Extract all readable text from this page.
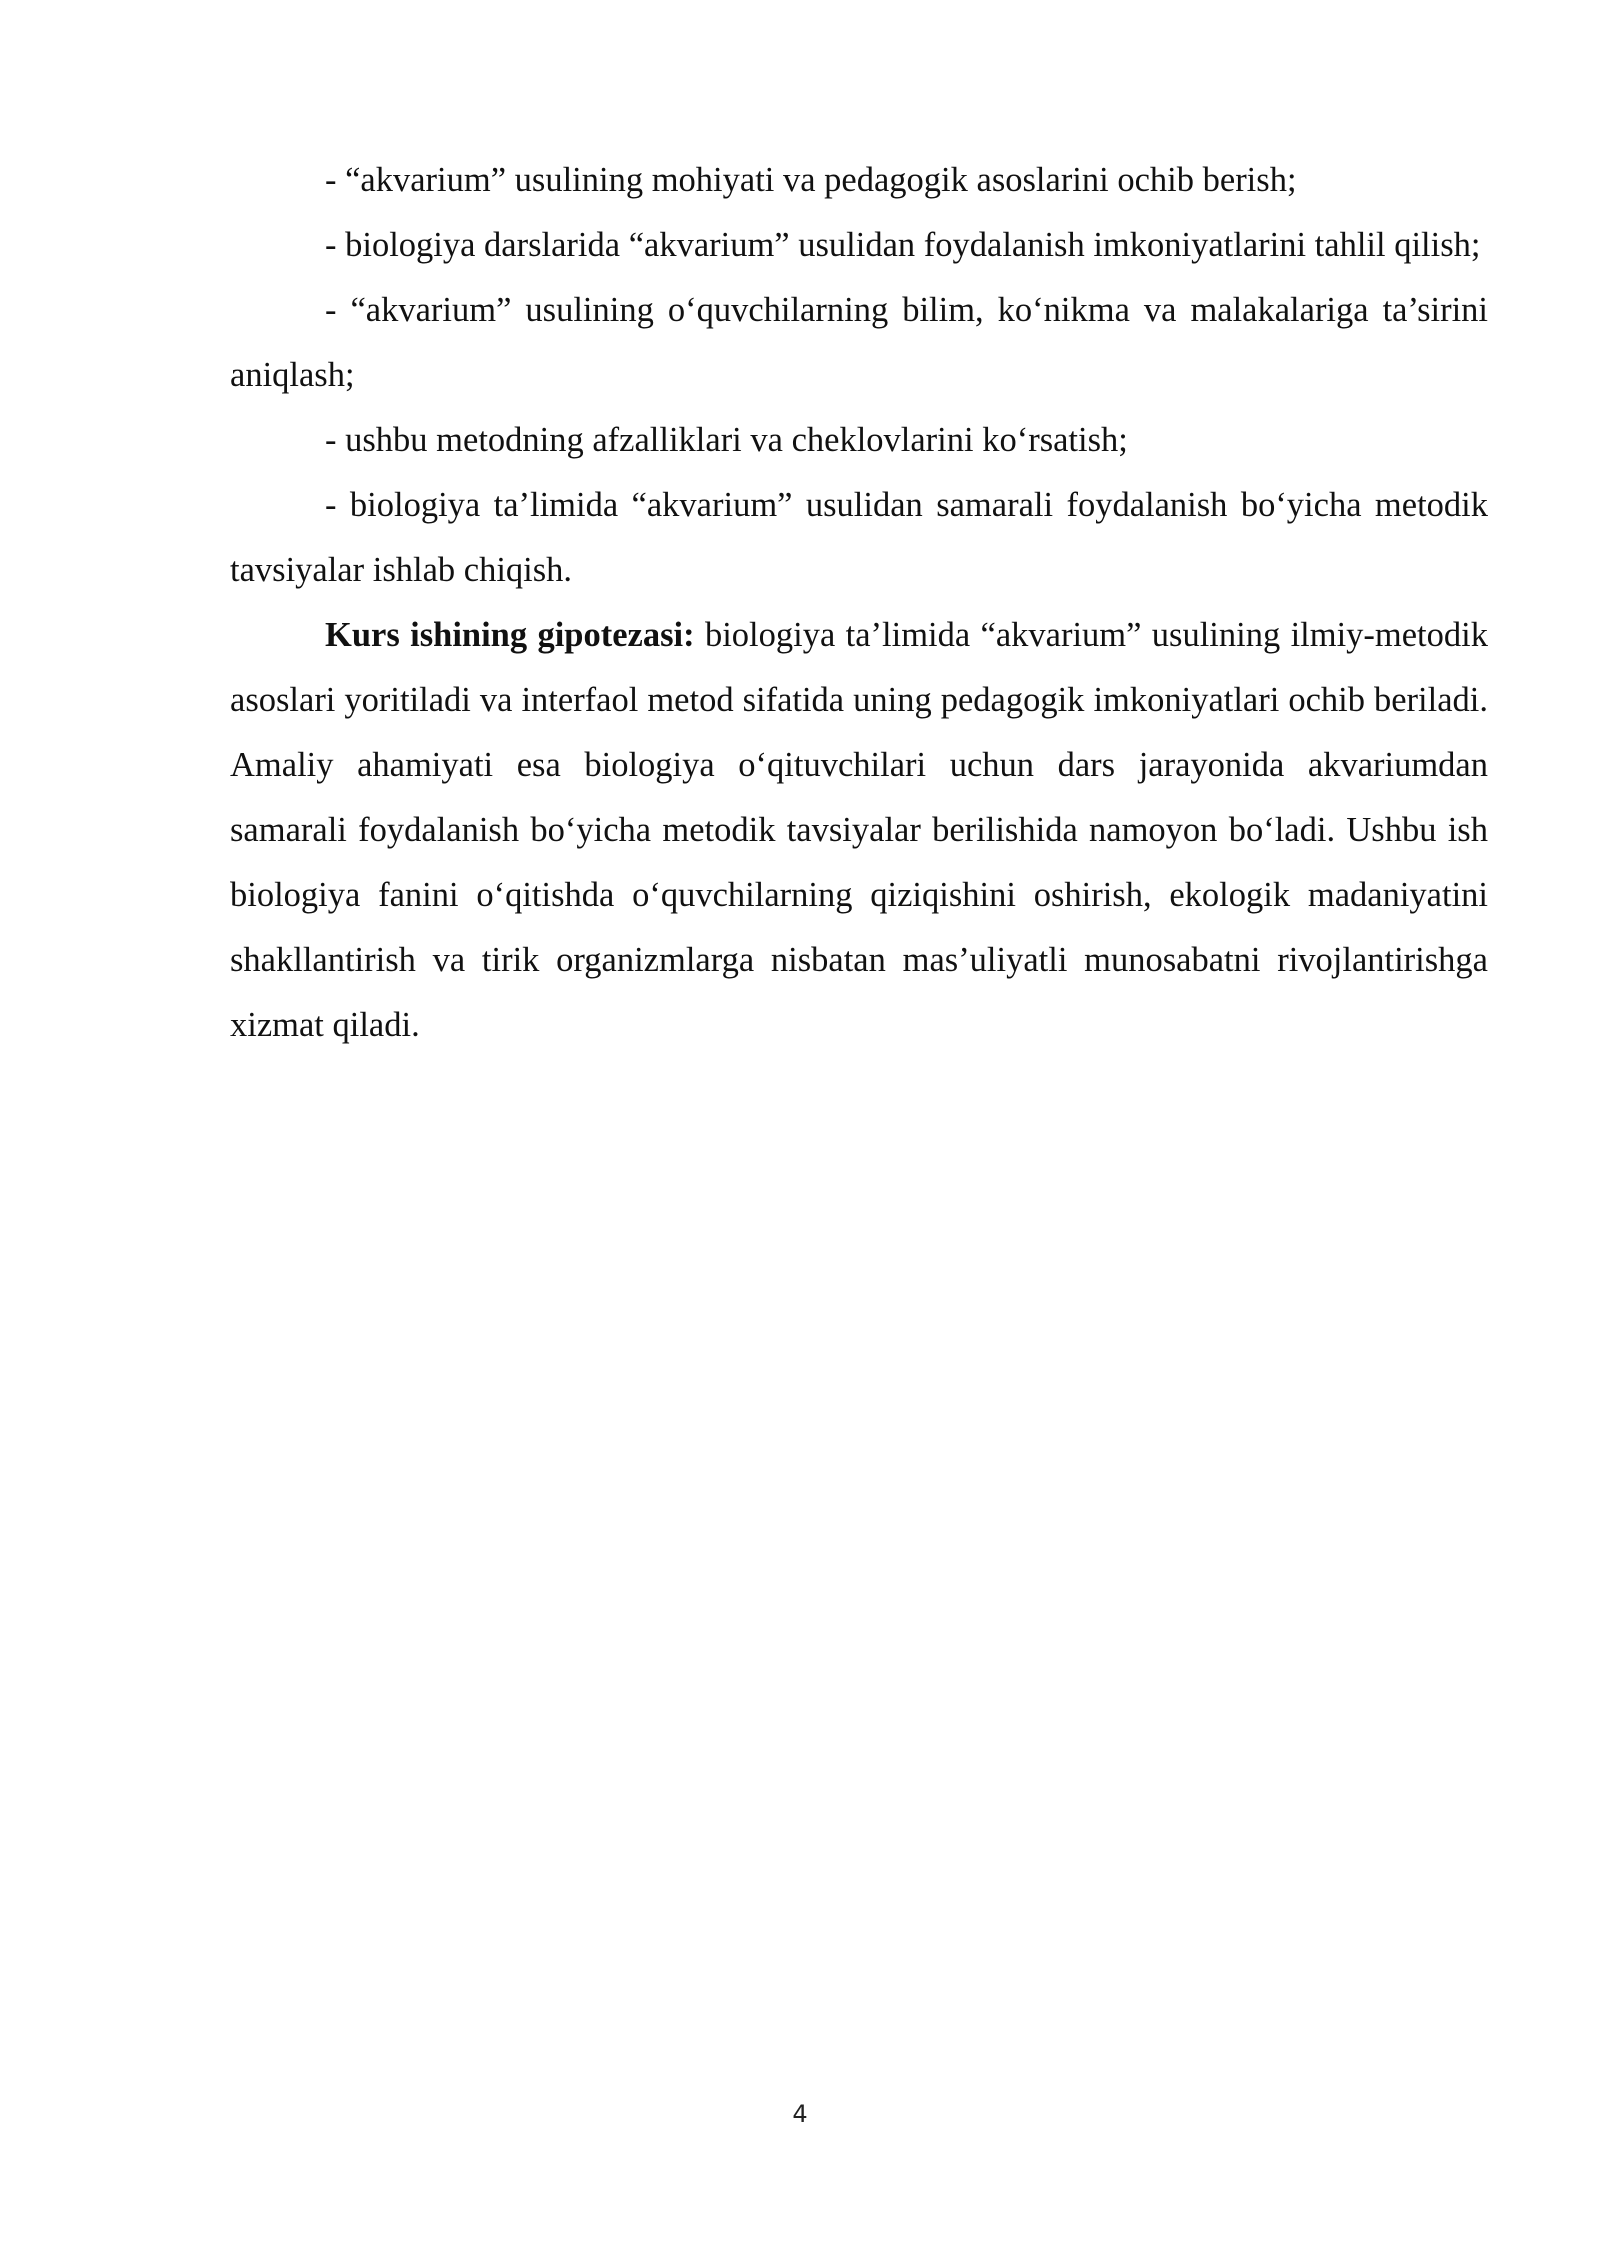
- “akvarium” usulining mohiyati va pedagogik asoslarini ochib berish;

- biologiya darslarida “akvarium” usulidan foydalanish imkoniyatlarini tahlil qilish;

- “akvarium” usulining o‘quvchilarning bilim, ko‘nikma va malakalariga ta’sirini aniqlash;

- ushbu metodning afzalliklari va cheklovlarini ko‘rsatish;

- biologiya ta’limida “akvarium” usulidan samarali foydalanish bo‘yicha metodik tavsiyalar ishlab chiqish.

Kurs ishining gipotezasi: biologiya ta’limida “akvarium” usulining ilmiy-metodik asoslari yoritiladi va interfaol metod sifatida uning pedagogik imkoniyatlari ochib beriladi. Amaliy ahamiyati esa biologiya o‘qituvchilari uchun dars jarayonida akvariumdan samarali foydalanish bo‘yicha metodik tavsiyalar berilishida namoyon bo‘ladi. Ushbu ish biologiya fanini o‘qitishda o‘quvchilarning qiziqishini oshirish, ekologik madaniyatini shakllantirish va tirik organizmlarga nisbatan mas’uliyatli munosabatni rivojlantirishga xizmat qiladi.

4
